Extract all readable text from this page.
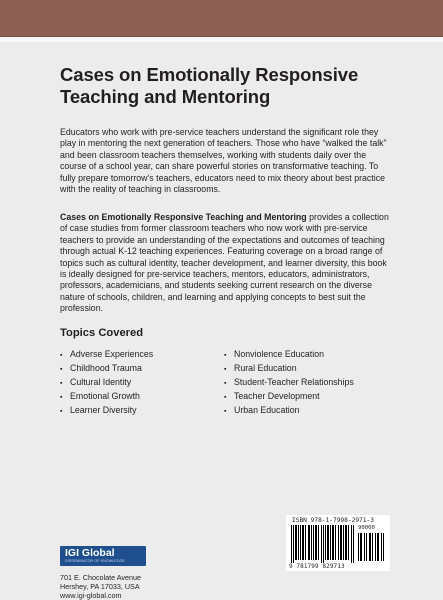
Cases on Emotionally Responsive
Teaching and Mentoring

Educators who work with pre-service teachers understand the significant role they play in mentoring the next generation of teachers. Those who have “walked the talk” and been classroom teachers themselves, working with students daily over the course of a school year, can share powerful stories on transformative teaching. To fully prepare tomorrow’s teachers, educators need to mix theory about best practice with the reality of teaching in classrooms.

Cases on Emotionally Responsive Teaching and Mentoring provides a collection of case studies from former classroom teachers who now work with pre-service teachers to provide an understanding of the expectations and outcomes of teaching through actual K-12 teaching experiences. Featuring coverage on a broad range of topics such as cultural identity, teacher development, and learner diversity, this book is ideally designed for pre-service teachers, mentors, educators, administrators, professors, academicians, and students seeking current research on the diverse nature of schools, children, and learning and applying concepts to best suit the profession.

Topics Covered
▪ Adverse Experiences
▪ Childhood Trauma
▪ Cultural Identity
▪ Emotional Growth
▪ Learner Diversity
▪ Nonviolence Education
▪ Rural Education
▪ Student-Teacher Relationships
▪ Teacher Development
▪ Urban Education
IGI Global
DISSEMINATOR OF KNOWLEDGE

701 E. Chocolate Avenue

Hershey, PA 17033, USA

www.igi-global.com

ISBN 978-1-7998-2971-3
90000
9 781799 829713
